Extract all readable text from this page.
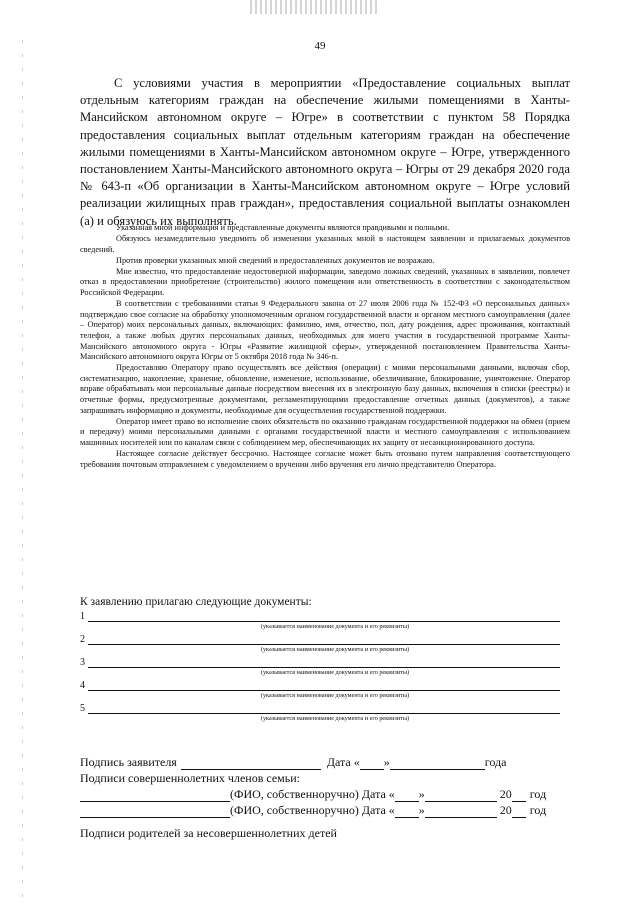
49

С условиями участия в мероприятии «Предоставление социальных выплат отдельным категориям граждан на обеспечение жилыми помещениями в Ханты-Мансийском автономном округе – Югре» в соответствии с пунктом 58 Порядка предоставления социальных выплат отдельным категориям граждан на обеспечение жилыми помещениями в Ханты-Мансийском автономном округе – Югре, утвержденного постановлением Ханты-Мансийского автономного округа – Югры от 29 декабря 2020 года № 643-п «Об организации в Ханты-Мансийском автономном округе – Югре условий реализации жилищных прав граждан», предоставления социальной выплаты ознакомлен (а) и обязуюсь их выполнять.

Указанная мной информация и представленные документы являются правдивыми и полными.

Обязуюсь незамедлительно уведомить об изменении указанных мной в настоящем заявлении и прилагаемых документов сведений.

Против проверки указанных мной сведений и предоставленных документов не возражаю.

Мне известно, что предоставление недостоверной информации, заведомо ложных сведений, указанных в заявлении, повлечет отказ в предоставлении приобретение (строительство) жилого помещения или ответственность в соответствии с законодательством Российской Федерации.

В соответствии с требованиями статьи 9 Федерального закона от 27 июля 2006 года № 152-ФЗ «О персональных данных» подтверждаю свое согласие на обработку уполномоченным органом государственной власти и органом местного самоуправления (далее – Оператор) моих персональных данных, включающих: фамилию, имя, отчество, пол, дату рождения, адрес проживания, контактный телефон, а также любых других персональных данных, необходимых для моего участия в государственной программе Ханты-Мансийского автономного округа - Югры «Развитие жилищной сферы», утвержденной постановлением Правительства Ханты-Мансийского автономного округа Югры от 5 октября 2018 года № 346-п.

Предоставляю Оператору право осуществлять все действия (операции) с моими персональными данными, включая сбор, систематизацию, накопление, хранение, обновление, изменение, использование, обезличивание, блокирование, уничтожение. Оператор вправе обрабатывать мои персональные данные посредством внесения их в электронную базу данных, включения в списки (реестры) и отчетные формы, предусмотренные документами, регламентирующими предоставление отчетных данных (документов), а также запрашивать информацию и документы, необходимые для осуществления государственной поддержки.

Оператор имеет право во исполнение своих обязательств по оказанию гражданам государственной поддержки на обмен (прием и передачу) моими персональными данными с органами государственной власти и местного самоуправления с использованием машинных носителей или по каналам связи с соблюдением мер, обеспечивающих их защиту от несанкционированного доступа.

Настоящее согласие действует бессрочно. Настоящее согласие может быть отозвано путем направления соответствующего требования почтовым отправлением с уведомлением о вручении либо вручения его лично представителю Оператора.

К заявлению прилагаю следующие документы:
1
(указывается наименование документа и его реквизиты)
2
(указывается наименование документа и его реквизиты)
3
(указывается наименование документа и его реквизиты)
4
(указывается наименование документа и его реквизиты)
5
(указывается наименование документа и его реквизиты)
Подпись заявителя	Дата « »	года
Подписи совершеннолетних членов семьи:
(ФИО, собственноручно) Дата « »	20 год
(ФИО, собственноручно) Дата « »	20 год
Подписи родителей за несовершеннолетних детей
